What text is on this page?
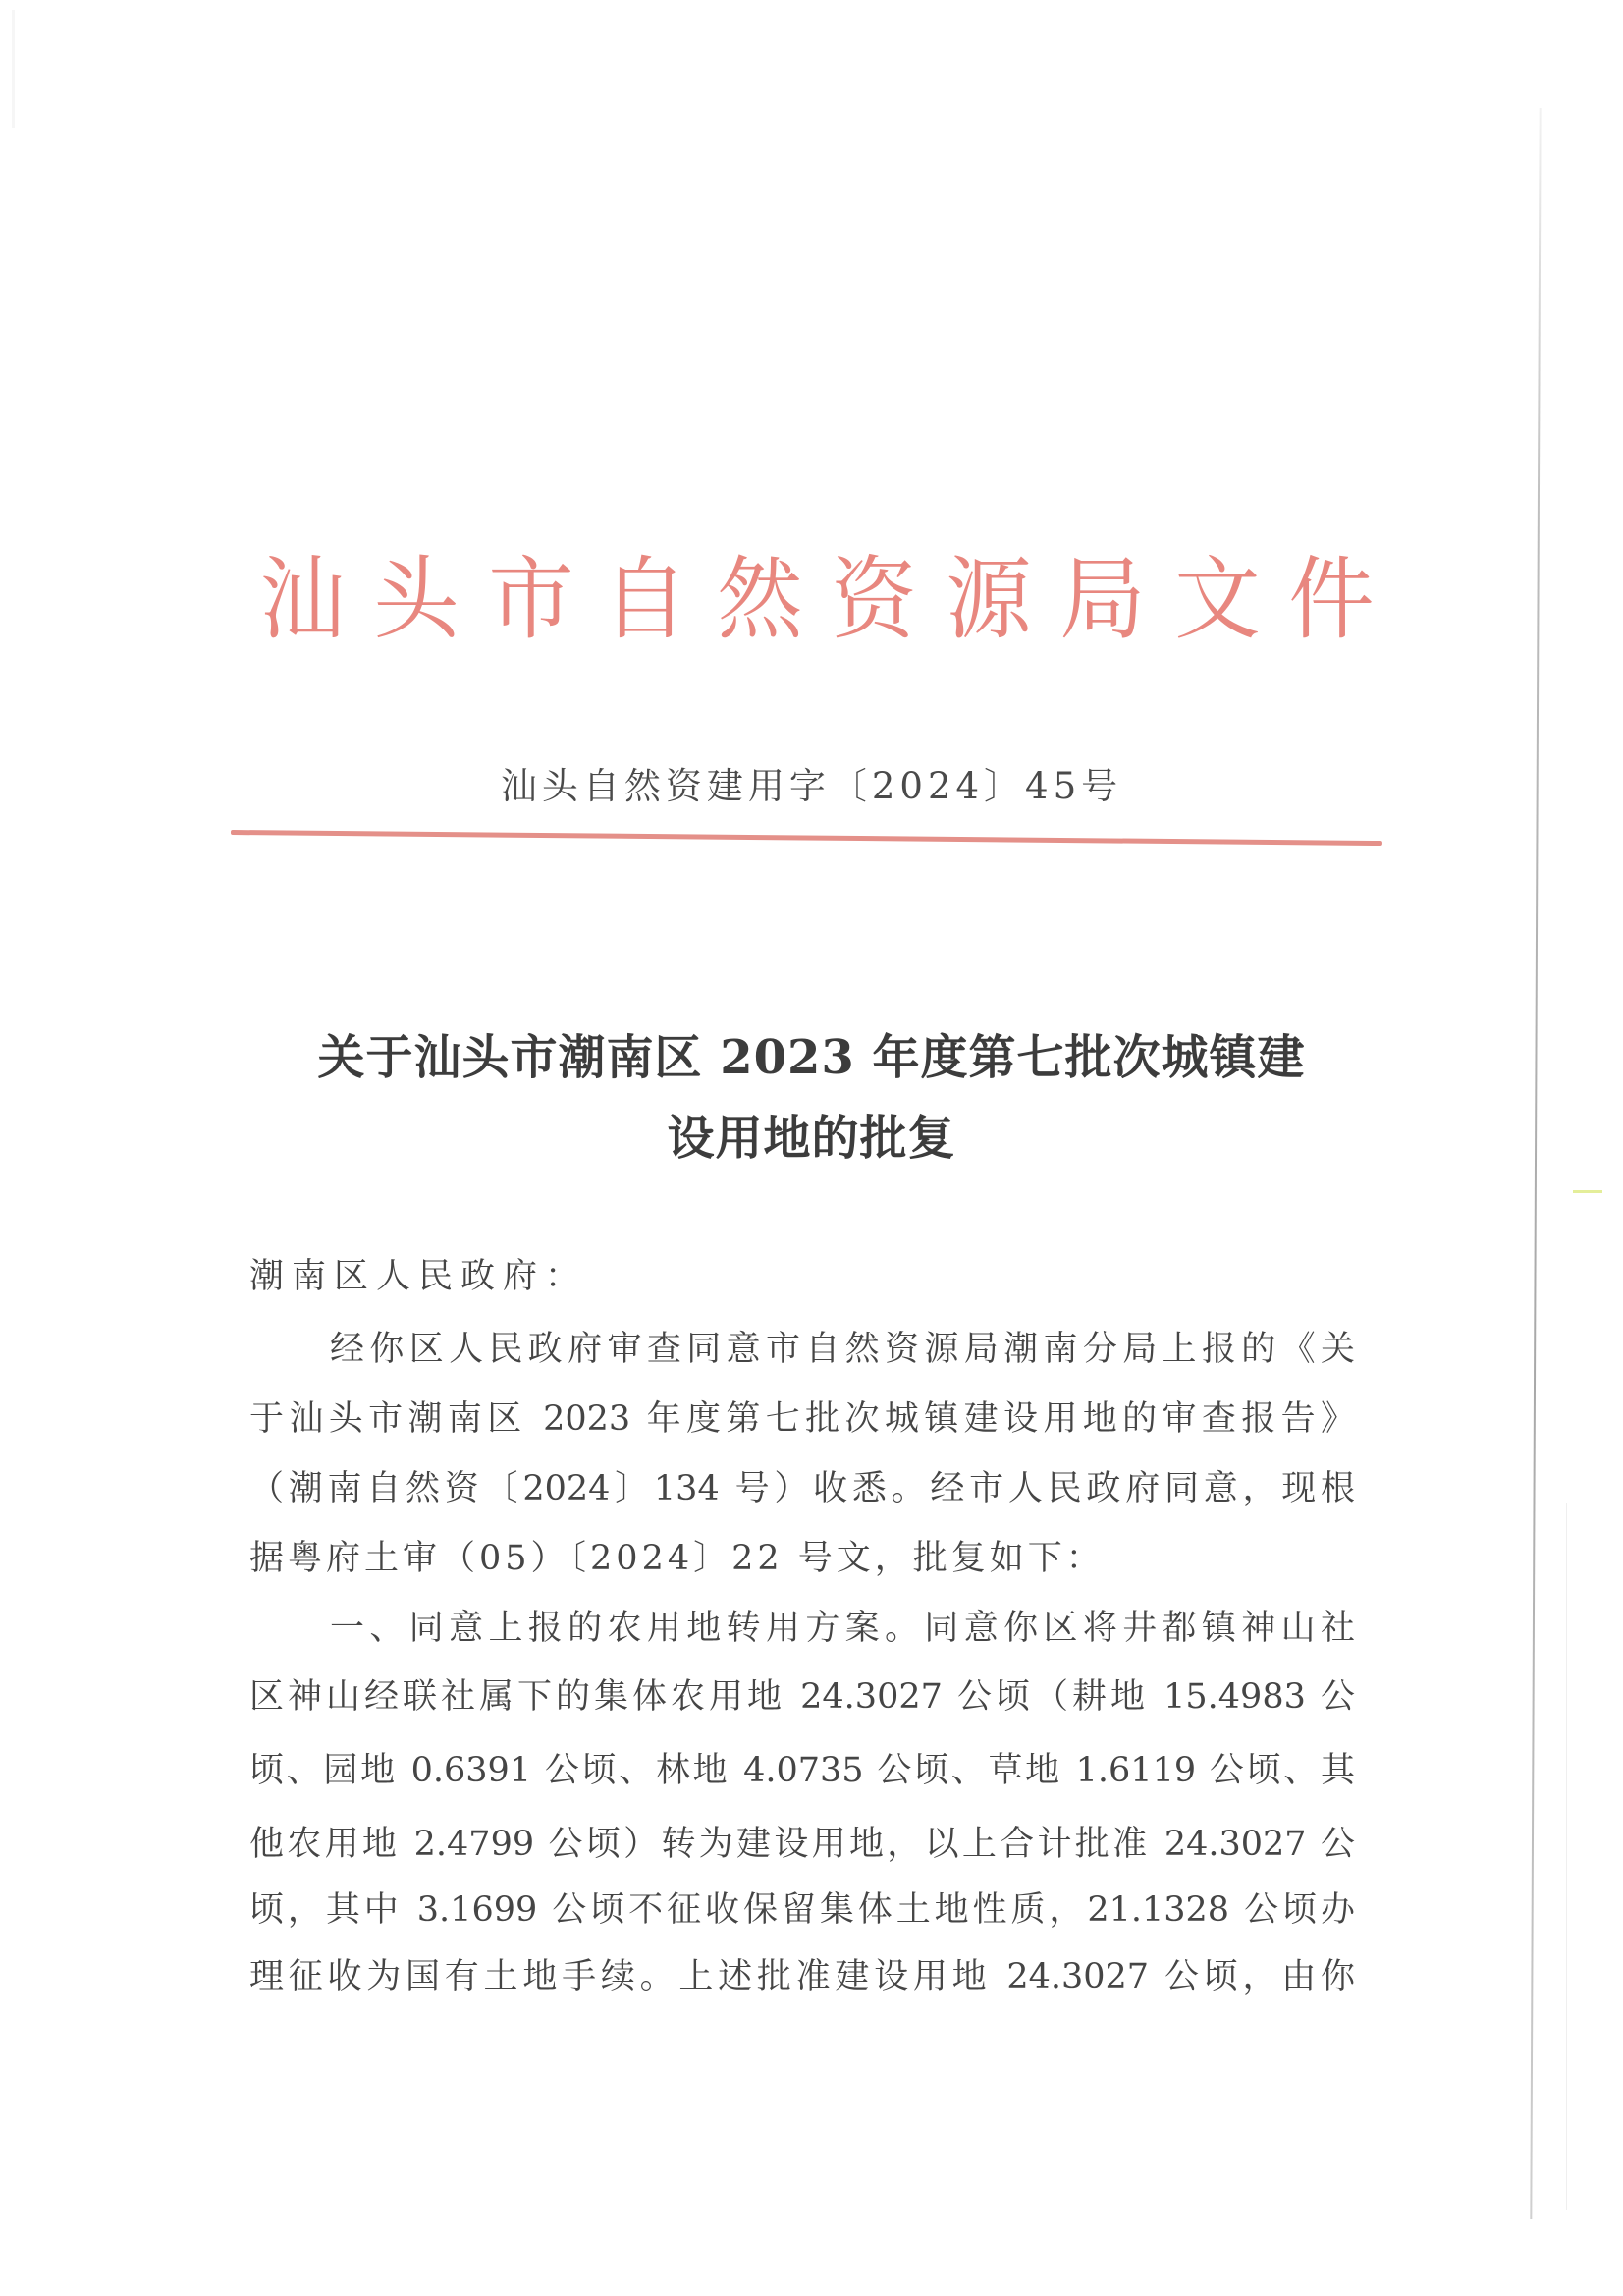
汕 头 市 自 然 资 源 局 文 件
汕头自然资建用字〔2024〕45号
关于汕头市潮南区 2023 年度第七批次城镇建
设用地的批复
潮南区人民政府：
经你区人民政府审查同意市自然资源局潮南分局上报的《关
于汕头市潮南区 2023 年度第七批次城镇建设用地的审查报告》
（潮南自然资〔2024〕134 号）收悉。经市人民政府同意，现根
据粤府土审（05）〔2024〕22 号文，批复如下：
一、同意上报的农用地转用方案。同意你区将井都镇神山社
区神山经联社属下的集体农用地 24.3027 公顷（耕地 15.4983 公
顷、园地 0.6391 公顷、林地 4.0735 公顷、草地 1.6119 公顷、其
他农用地 2.4799 公顷）转为建设用地，以上合计批准 24.3027 公
顷，其中 3.1699 公顷不征收保留集体土地性质，21.1328 公顷办
理征收为国有土地手续。上述批准建设用地 24.3027 公顷，由你
